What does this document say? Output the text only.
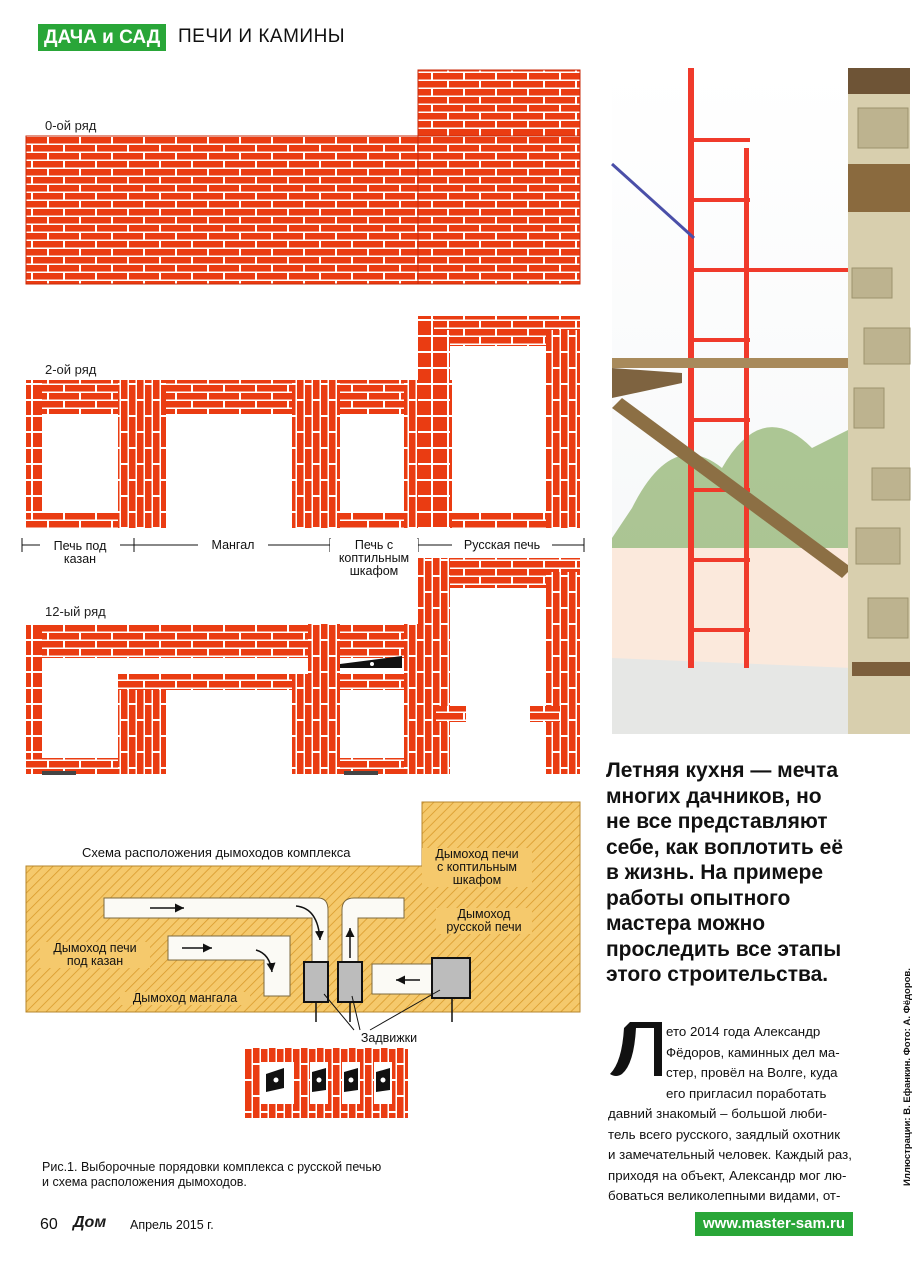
ДАЧА и САД ПЕЧИ И КАМИНЫ
0-ой ряд
2-ой ряд
12-ый ряд
Печь под
казан
Мангал	Печь с
коптильным
шкафом
Русская печь
Схема расположения дымоходов комплекса
Дымоход печи
под казан
Дымоход мангала
Дымоход печи
с коптильным
шкафом
Дымоход
русской печи
Задвижки
Рис.1. Выборочные порядовки комплекса с русской печью
и схема расположения дымоходов.
Летняя кухня — мечта
многих дачников, но
не все представляют
себе, как воплотить её
в жизнь. На примере
работы опытного
мастера можно
проследить все этапы
этого строительства.
ето 2014 года Александр
Фёдоров, каминных дел ма-
стер, провёл на Волге, куда
его пригласил поработать
давний знакомый – большой люби-
тель всего русского, заядлый охотник
и замечательный человек. Каждый раз,
приходя на объект, Александр мог лю-
боваться великолепными видами, от-
Иллюстрации: В. Ефанкин. Фото: А. Фёдоров.
60 Дом Апрель 2015 г.	www.master-sam.ru
